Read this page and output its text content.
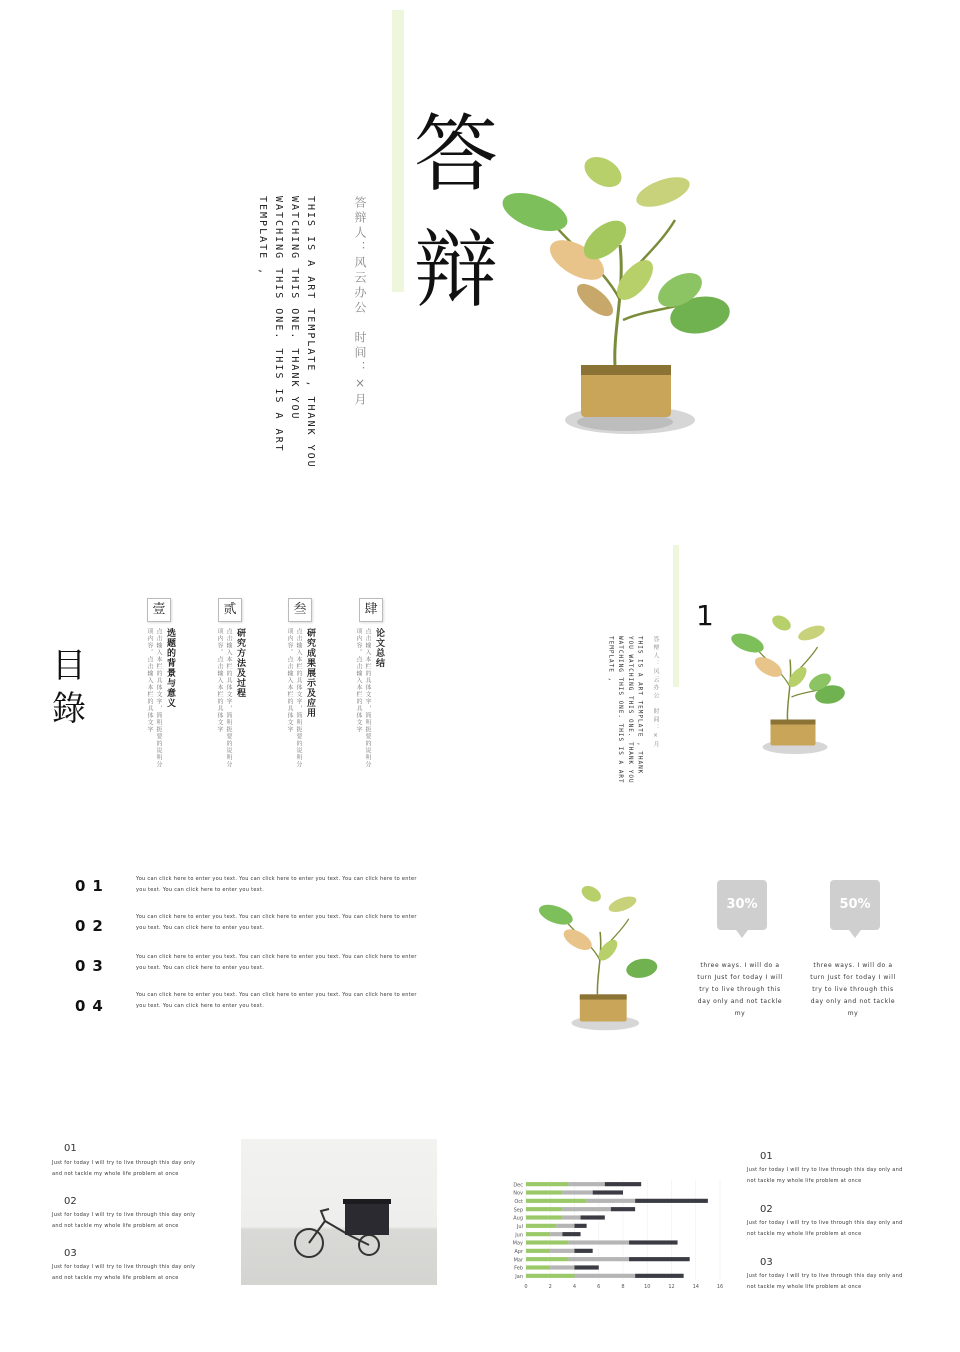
答
辩
答辩人：风云办公　时间：×月
THIS IS A ART TEMPLATE , THANK YOU WATCHING THIS ONE. THANK YOU WATCHING THIS ONE. THIS IS A ART TEMPLATE ,
目
錄
壹
选题的背景与意义
点击输入本栏的具体文字，简明扼要的说明分项内容。点击输入本栏的具体文字
贰
研究方法及过程
点击输入本栏的具体文字，简明扼要的说明分项内容。点击输入本栏的具体文字
叁
研究成果展示及应用
点击输入本栏的具体文字，简明扼要的说明分项内容。点击输入本栏的具体文字
肆
论文总结
点击输入本栏的具体文字，简明扼要的说明分项内容。点击输入本栏的具体文字
1
答辩人：风云办公　时间：×月
THIS IS A ART TEMPLATE , THANK YOU WATCHING THIS ONE. THANK YOU WATCHING THIS ONE. THIS IS A ART TEMPLATE ,
01	You can click here to enter you text. You can click here to enter you text. You can click here to enter you text. You can click here to enter you text.
02	You can click here to enter you text. You can click here to enter you text. You can click here to enter you text. You can click here to enter you text.
03	You can click here to enter you text. You can click here to enter you text. You can click here to enter you text. You can click here to enter you text.
04
You can click here to enter you text. You can click here to enter you text. You can click here to enter you text. You can click here to enter you text.
30%
three ways. I will do a turn Just for today I will try to live through this day only and not tackle my
50%
three ways. I will do a turn Just for today I will try to live through this day only and not tackle my
01
Just for today I will try to live through this day only and not tackle my whole life problem at once
02
Just for today I will try to live through this day only and not tackle my whole life problem at once
03
Just for today I will try to live through this day only and not tackle my whole life problem at once
0	2	4	6	8	10	12	14	16
Jan
Feb
Mar
Apr
May
Jun
Jul
Aug
Sep
Oct
Nov
Dec
01
Just for today I will try to live through this day only and not tackle my whole life problem at once
02
Just for today I will try to live through this day only and not tackle my whole life problem at once
03
Just for today I will try to live through this day only and not tackle my whole life problem at once
